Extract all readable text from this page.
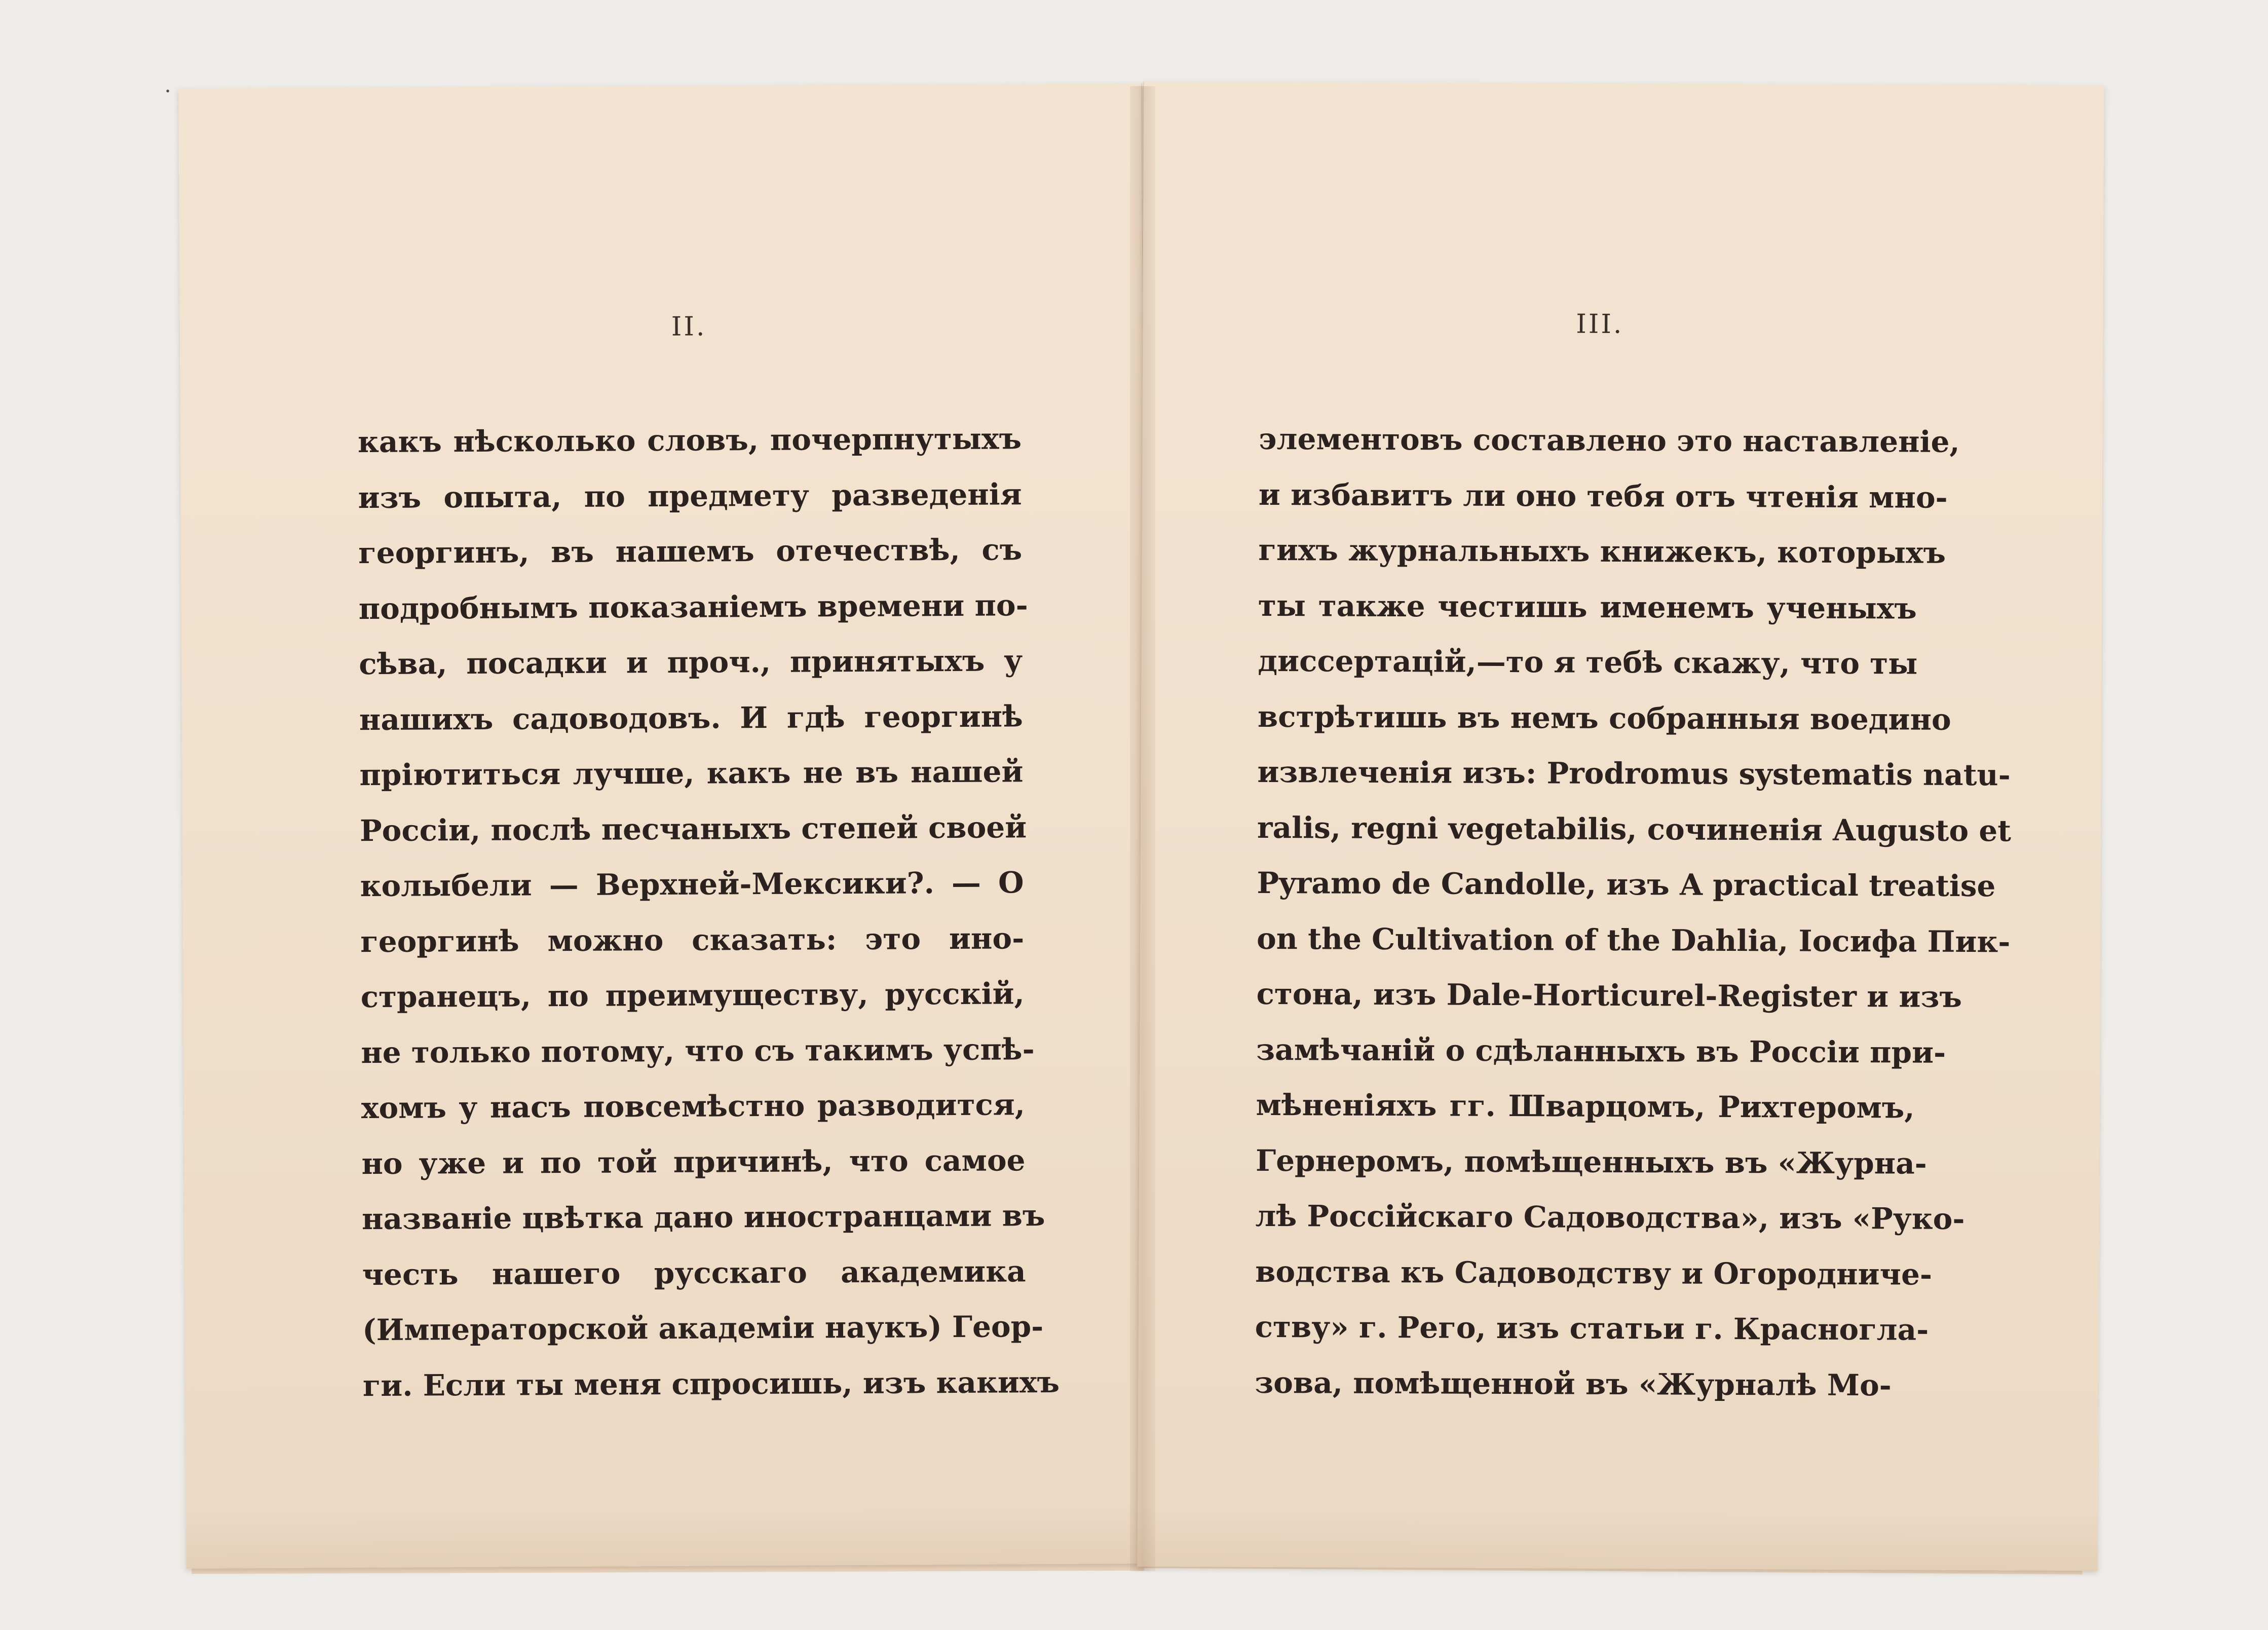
II.
·
какъ нѣсколько словъ, почерпнутыхъ
изъ опыта, по предмету разведенія
георгинъ, въ нашемъ отечествѣ, съ
подробнымъ показаніемъ времени по-
сѣва, посадки и проч., принятыхъ у
нашихъ садоводовъ. И гдѣ георгинѣ
пріютиться лучше, какъ не въ нашей
Россіи, послѣ песчаныхъ степей своей
колыбели — Верхней-Мексики?. — О
георгинѣ можно сказать: это ино-
странецъ, по преимуществу, русскій,
не только потому, что съ такимъ успѣ-
хомъ у насъ повсемѣстно разводится,
но уже и по той причинѣ, что самое
названіе цвѣтка дано иностранцами въ
честь нашего русскаго академика
(Императорской академіи наукъ) Геор-
ги. Если ты меня спросишь, изъ какихъ
III.
элементовъ составлено это наставленіе,
и избавитъ ли оно тебя отъ чтенія мно-
гихъ журнальныхъ книжекъ, которыхъ
ты также честишь именемъ ученыхъ
диссертацій,—то я тебѣ скажу, что ты
встрѣтишь въ немъ собранныя воедино
извлеченія изъ: Prodromus systematis natu-
ralis, regni vegetabilis, сочиненія Augusto et
Pyramo de Candolle, изъ A practical treatise
on the Cultivation of the Dahlia, Іосифа Пик-
стона, изъ Dale-Horticurel-Register и изъ
замѣчаній о сдѣланныхъ въ Россіи при-
мѣненіяхъ гг. Шварцомъ, Рихтеромъ,
Гернеромъ, помѣщенныхъ въ «Журна-
лѣ Россійскаго Садоводства», изъ «Руко-
водства къ Садоводству и Огородниче-
ству» г. Рего, изъ статьи г. Красногла-
зова, помѣщенной въ «Журналѣ Мо-
